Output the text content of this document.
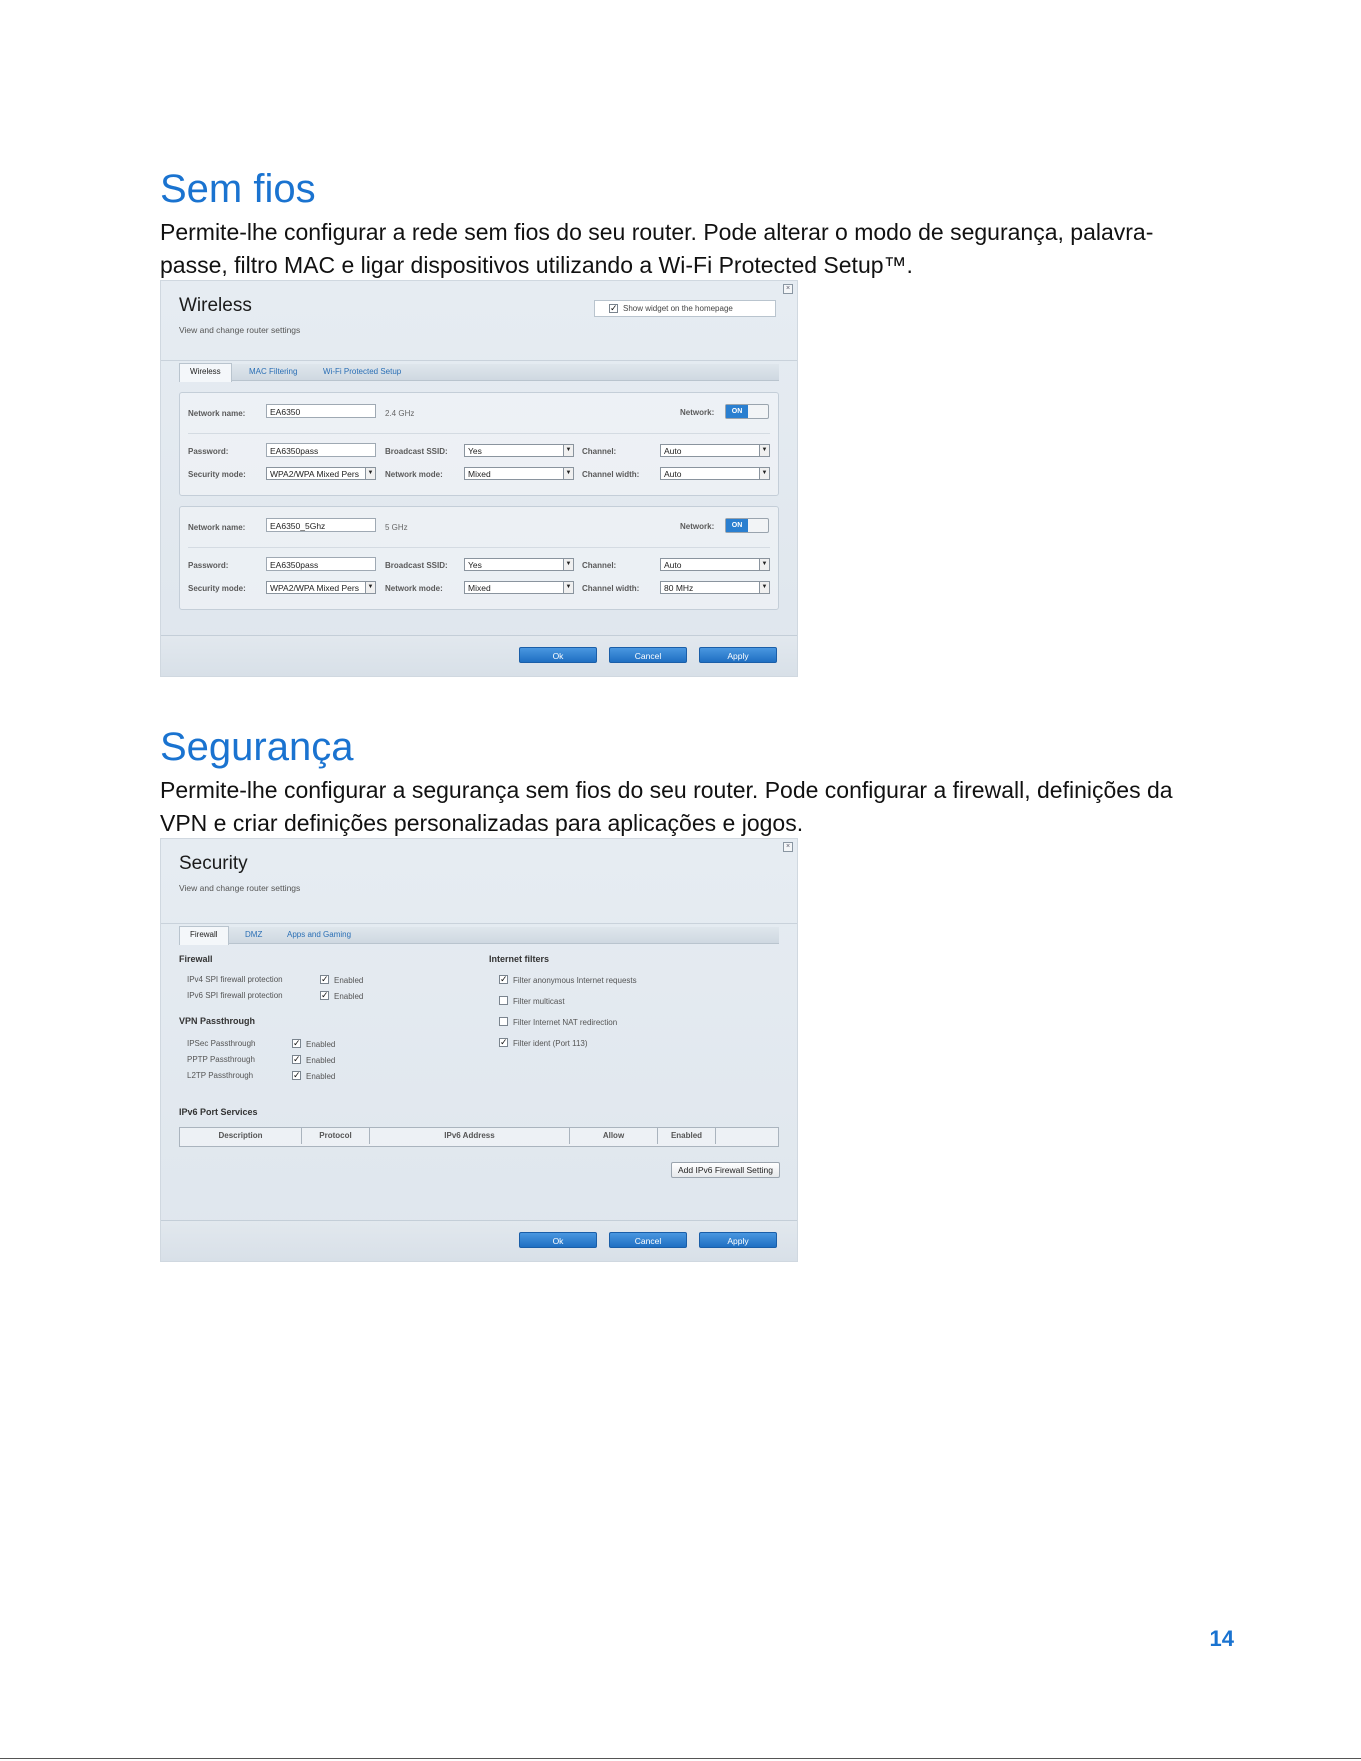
Sem fios

Permite-lhe configurar a rede sem fios do seu router. Pode alterar o modo de segurança, palavra-passe, filtro MAC e ligar dispositivos utilizando a Wi-Fi Protected Setup™.

×
Wireless
View and change router settings
✓ Show widget on the homepage
Wireless	MAC Filtering	Wi-Fi Protected Setup
Network name:	EA6350	2.4 GHz	Network:	ON
Password:	EA6350pass	Broadcast SSID:	Yes	▼ Channel:	Auto	▼
Security mode:	WPA2/WPA Mixed Pers	▼ Network mode:	Mixed	▼ Channel width:	Auto	▼
Network name:	EA6350_5Ghz	5 GHz	Network:	ON
Password:	EA6350pass	Broadcast SSID:	Yes	▼ Channel:	Auto	▼
Security mode:	WPA2/WPA Mixed Pers	▼ Network mode:	Mixed	▼ Channel width:	80 MHz	▼
Ok	Cancel	Apply
Segurança

Permite-lhe configurar a segurança sem fios do seu router. Pode configurar a firewall, definições da VPN e criar definições personalizadas para aplicações e jogos.

×
Security
View and change router settings
Firewall	DMZ	Apps and Gaming
Firewall
IPv4 SPI firewall protection	✓ Enabled
IPv6 SPI firewall protection	✓ Enabled
VPN Passthrough
IPSec Passthrough	✓ Enabled
PPTP Passthrough	✓ Enabled
L2TP Passthrough	✓ Enabled
Internet filters
✓ Filter anonymous Internet requests
Filter multicast
Filter Internet NAT redirection
✓ Filter ident (Port 113)
IPv6 Port Services
Description	Protocol	IPv6 Address	Allow	Enabled
Add IPv6 Firewall Setting
Ok	Cancel	Apply
14
